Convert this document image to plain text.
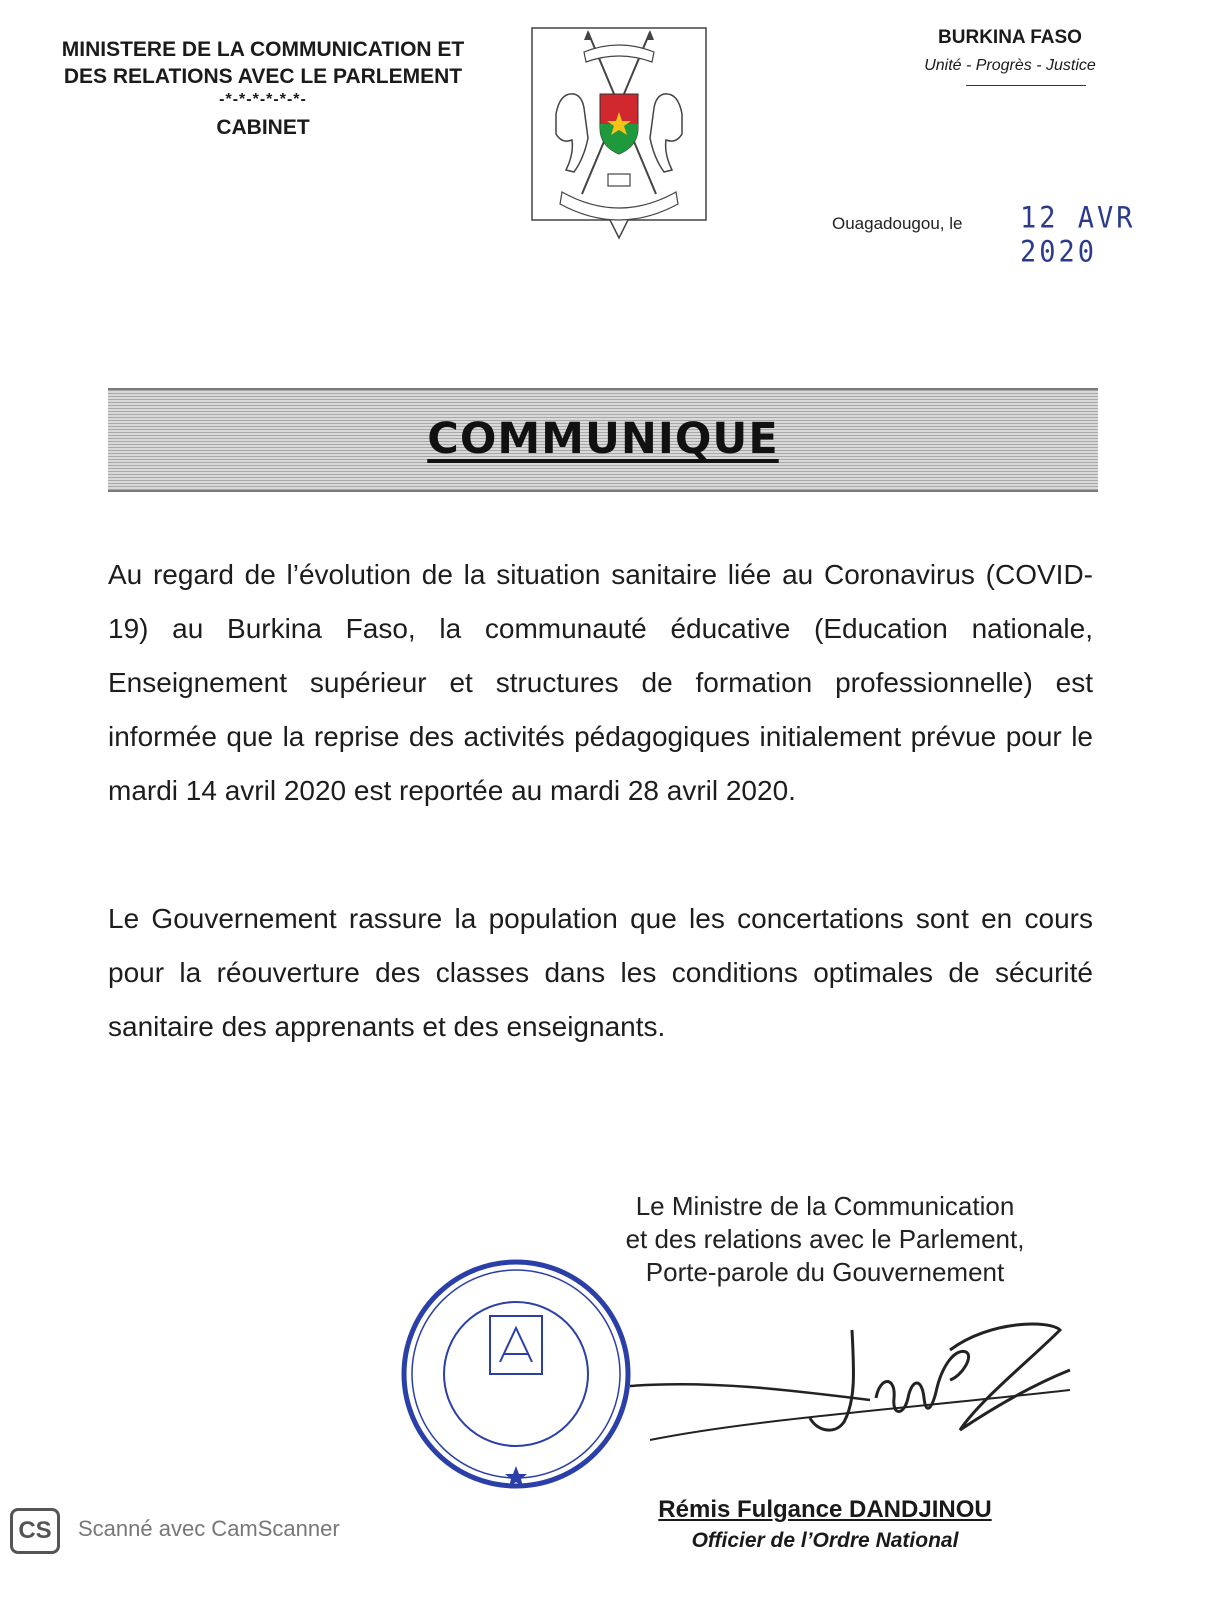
MINISTERE DE LA COMMUNICATION ET
DES RELATIONS AVEC LE PARLEMENT
-*-*-*-*-*-*-
CABINET
BURKINA FASO
Unité - Progrès - Justice
Ouagadougou, le 12 AVR 2020
COMMUNIQUE
Au regard de l’évolution de la situation sanitaire liée au Coronavirus (COVID-19) au Burkina Faso, la communauté éducative (Education nationale, Enseignement supérieur et structures de formation professionnelle) est informée que la reprise des activités pédagogiques initialement prévue pour le mardi 14 avril 2020 est reportée au mardi 28 avril 2020.
Le Gouvernement rassure la population que les concertations sont en cours pour la réouverture des classes dans les conditions optimales de sécurité sanitaire des apprenants et des enseignants.
Le Ministre de la Communication
et des relations avec le Parlement,
Porte-parole du Gouvernement
Rémis Fulgance DANDJINOU
Officier de l’Ordre National
CS	Scanné avec CamScanner
